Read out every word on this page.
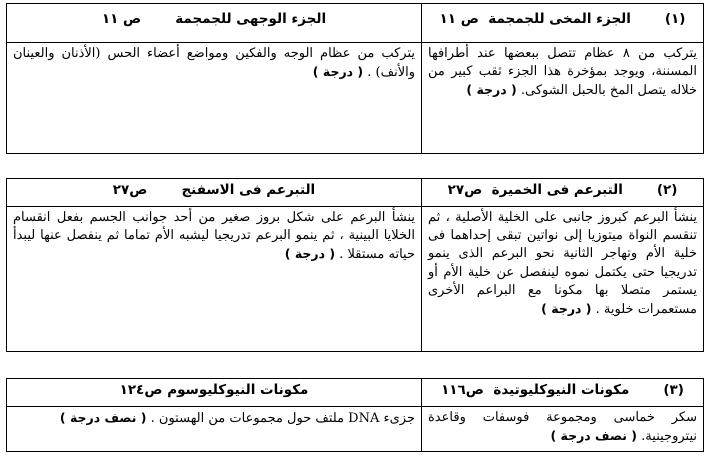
(١)الجزء المخى للجمجمة  ص ١١	الجزء الوجهى للجمجمةص ١١
يتركب من ٨ عظام تتصل ببعضها عند أطرافها المسننة، ويوجد بمؤخرة هذا الجزء ثقب كبير من خلاله يتصل المخ بالحبل الشوكى. ( درجة )	يتركب من عظام الوجه والفكين ومواضع أعضاء الحس (الأذنان والعينان والأنف) . ( درجة )
(٢)التبرعم فى الخميرة  ص٢٧	التبرعم فى الاسفنجص٢٧
ينشأ البرعم كبروز جانبى على الخلية الأصلية ، ثم تنقسم النواة ميتوزيا إلى نواتين تبقى إحداهما فى خلية الأم وتهاجر الثانية نحو البرعم الذى ينمو تدريجيا حتى يكتمل نموه لينفصل عن خلية الأم أو يستمر متصلا بها مكونا مع البراعم الأخرى مستعمرات خلوية . ( درجة )	ينشأ البرعم على شكل بروز صغير من أحد جوانب الجسم بفعل انقسام الخلايا البينية ، ثم ينمو البرعم تدريجيا ليشبه الأم تماما ثم ينفصل عنها ليبدأ حياته مستقلا . ( درجة )
(٣)مكونات النيوكليوتيدة  ص١١٦	مكونات النيوكليوسوم ص١٢٤
سكر خماسى ومجموعة فوسفات وقاعدة نيتروجينية. ( نصف درجة )	جزىء DNA ملتف حول مجموعات من الهستون . ( نصف درجة )
